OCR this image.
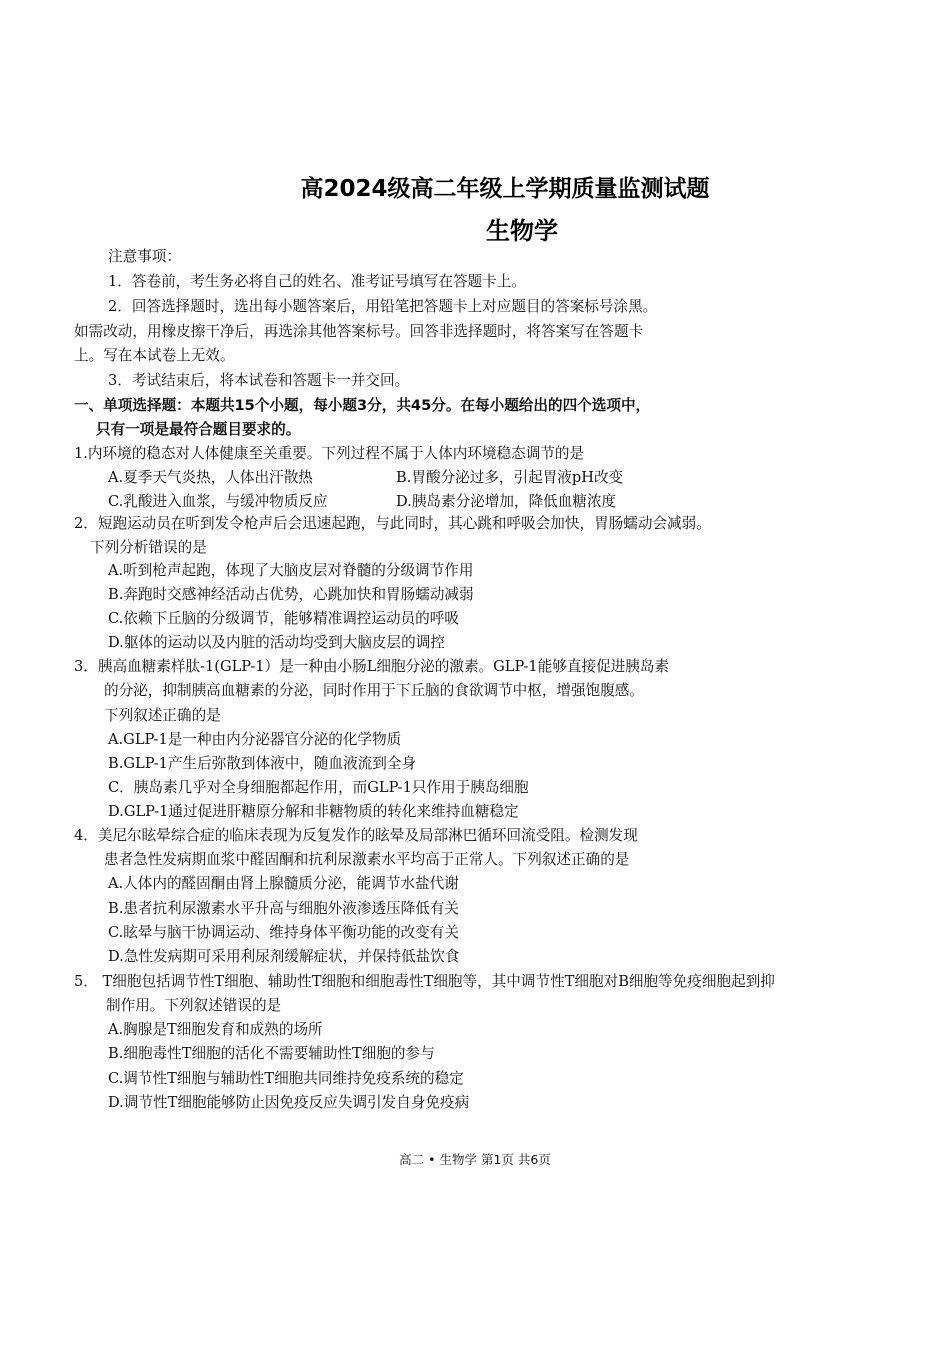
高2024级高二年级上学期质量监测试题
生物学
注意事项：
1．答卷前，考生务必将自己的姓名、准考证号填写在答题卡上。
2．回答选择题时，选出每小题答案后，用铅笔把答题卡上对应题目的答案标号涂黑。
如需改动，用橡皮擦干净后，再选涂其他答案标号。回答非选择题时，将答案写在答题卡
上。写在本试卷上无效。
3．考试结束后，将本试卷和答题卡一并交回。
一、单项选择题：本题共15个小题，每小题3分，共45分。在每小题给出的四个选项中，
只有一项是最符合题目要求的。
1.内环境的稳态对人体健康至关重要。下列过程不属于人体内环境稳态调节的是
A.夏季天气炎热，人体出汗散热	B.胃酸分泌过多，引起胃液pH改变
C.乳酸进入血浆，与缓冲物质反应	D.胰岛素分泌增加，降低血糖浓度
2．短跑运动员在听到发令枪声后会迅速起跑，与此同时，其心跳和呼吸会加快，胃肠蠕动会减弱。
下列分析错误的是
A.听到枪声起跑，体现了大脑皮层对脊髓的分级调节作用
B.奔跑时交感神经活动占优势，心跳加快和胃肠蠕动减弱
C.依赖下丘脑的分级调节，能够精准调控运动员的呼吸
D.躯体的运动以及内脏的活动均受到大脑皮层的调控
3．胰高血糖素样肽-1(GLP-1）是一种由小肠L细胞分泌的激素。GLP-1能够直接促进胰岛素
的分泌，抑制胰高血糖素的分泌，同时作用于下丘脑的食欲调节中枢，增强饱腹感。
下列叙述正确的是
A.GLP-1是一种由内分泌器官分泌的化学物质
B.GLP-1产生后弥散到体液中，随血液流到全身
C．胰岛素几乎对全身细胞都起作用，而GLP-1只作用于胰岛细胞
D.GLP-1通过促进肝糖原分解和非糖物质的转化来维持血糖稳定
4．美尼尔眩晕综合症的临床表现为反复发作的眩晕及局部淋巴循环回流受阻。检测发现
患者急性发病期血浆中醛固酮和抗利尿激素水平均高于正常人。下列叙述正确的是
A.人体内的醛固酮由肾上腺髓质分泌，能调节水盐代谢
B.患者抗利尿激素水平升高与细胞外液渗透压降低有关
C.眩晕与脑干协调运动、维持身体平衡功能的改变有关
D.急性发病期可采用利尿剂缓解症状，并保持低盐饮食
5． T细胞包括调节性T细胞、辅助性T细胞和细胞毒性T细胞等，其中调节性T细胞对B细胞等免疫细胞起到抑
制作用。下列叙述错误的是
A.胸腺是T细胞发育和成熟的场所
B.细胞毒性T细胞的活化不需要辅助性T细胞的参与
C.调节性T细胞与辅助性T细胞共同维持免疫系统的稳定
D.调节性T细胞能够防止因免疫反应失调引发自身免疫病
高二 • 生物学 第1页 共6页
